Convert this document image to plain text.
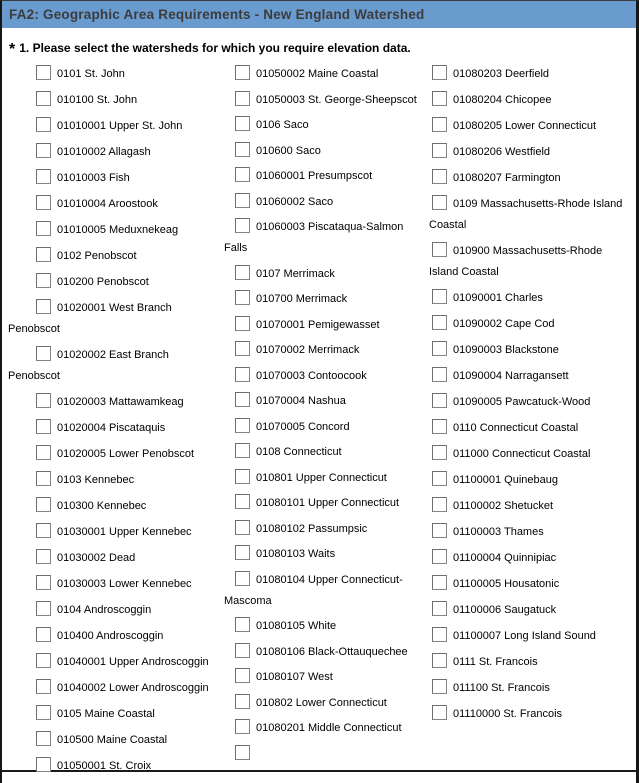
FA2: Geographic Area Requirements - New England Watershed
* 1. Please select the watersheds for which you require elevation data.
0101 St. John
010100 St. John
01010001 Upper St. John
01010002 Allagash
01010003 Fish
01010004 Aroostook
01010005 Meduxnekeag
0102 Penobscot
010200 Penobscot
01020001 West Branch Penobscot
01020002 East Branch Penobscot
01020003 Mattawamkeag
01020004 Piscataquis
01020005 Lower Penobscot
0103 Kennebec
010300 Kennebec
01030001 Upper Kennebec
01030002 Dead
01030003 Lower Kennebec
0104 Androscoggin
010400 Androscoggin
01040001 Upper Androscoggin
01040002 Lower Androscoggin
0105 Maine Coastal
010500 Maine Coastal
01050001 St. Croix
01050002 Maine Coastal
01050003 St. George-Sheepscot
0106 Saco
010600 Saco
01060001 Presumpscot
01060002 Saco
01060003 Piscataqua-Salmon Falls
0107 Merrimack
010700 Merrimack
01070001 Pemigewasset
01070002 Merrimack
01070003 Contoocook
01070004 Nashua
01070005 Concord
0108 Connecticut
010801 Upper Connecticut
01080101 Upper Connecticut
01080102 Passumpsic
01080103 Waits
01080104 Upper Connecticut-Mascoma
01080105 White
01080106 Black-Ottauquechee
01080107 West
010802 Lower Connecticut
01080201 Middle Connecticut
01080203 Deerfield
01080204 Chicopee
01080205 Lower Connecticut
01080206 Westfield
01080207 Farmington
0109 Massachusetts-Rhode Island Coastal
010900 Massachusetts-Rhode Island Coastal
01090001 Charles
01090002 Cape Cod
01090003 Blackstone
01090004 Narragansett
01090005 Pawcatuck-Wood
0110 Connecticut Coastal
011000 Connecticut Coastal
01100001 Quinebaug
01100002 Shetucket
01100003 Thames
01100004 Quinnipiac
01100005 Housatonic
01100006 Saugatuck
01100007 Long Island Sound
0111 St. Francois
011100 St. Francois
01110000 St. Francois
